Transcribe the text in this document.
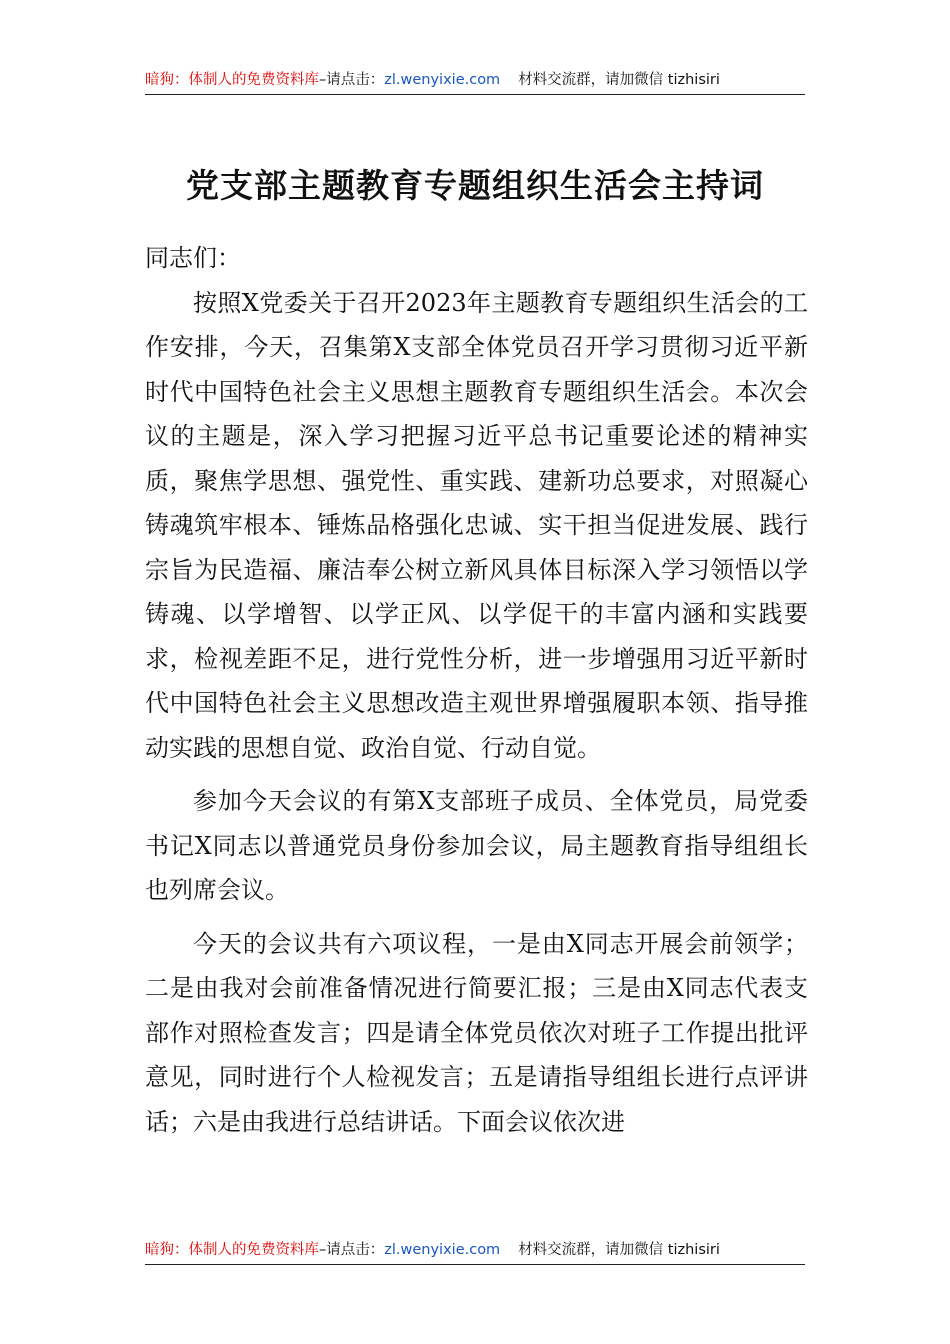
暗狗：体制人的免费资料库–请点击：zl.wenyixie.com 材料交流群，请加微信 tizhisiri
党支部主题教育专题组织生活会主持词

同志们：

按照X党委关于召开2023年主题教育专题组织生活会的工作安排，今天，召集第X支部全体党员召开学习贯彻习近平新时代中国特色社会主义思想主题教育专题组织生活会。本次会议的主题是，深入学习把握习近平总书记重要论述的精神实质，聚焦学思想、强党性、重实践、建新功总要求，对照凝心铸魂筑牢根本、锤炼品格强化忠诚、实干担当促进发展、践行宗旨为民造福、廉洁奉公树立新风具体目标深入学习领悟以学铸魂、以学增智、以学正风、以学促干的丰富内涵和实践要求，检视差距不足，进行党性分析，进一步增强用习近平新时代中国特色社会主义思想改造主观世界增强履职本领、指导推动实践的思想自觉、政治自觉、行动自觉。

参加今天会议的有第X支部班子成员、全体党员，局党委书记X同志以普通党员身份参加会议，局主题教育指导组组长也列席会议。

今天的会议共有六项议程，一是由X同志开展会前领学；二是由我对会前准备情况进行简要汇报；三是由X同志代表支部作对照检查发言；四是请全体党员依次对班子工作提出批评意见，同时进行个人检视发言；五是请指导组组长进行点评讲话；六是由我进行总结讲话。下面会议依次进

暗狗：体制人的免费资料库–请点击：zl.wenyixie.com 材料交流群，请加微信 tizhisiri
